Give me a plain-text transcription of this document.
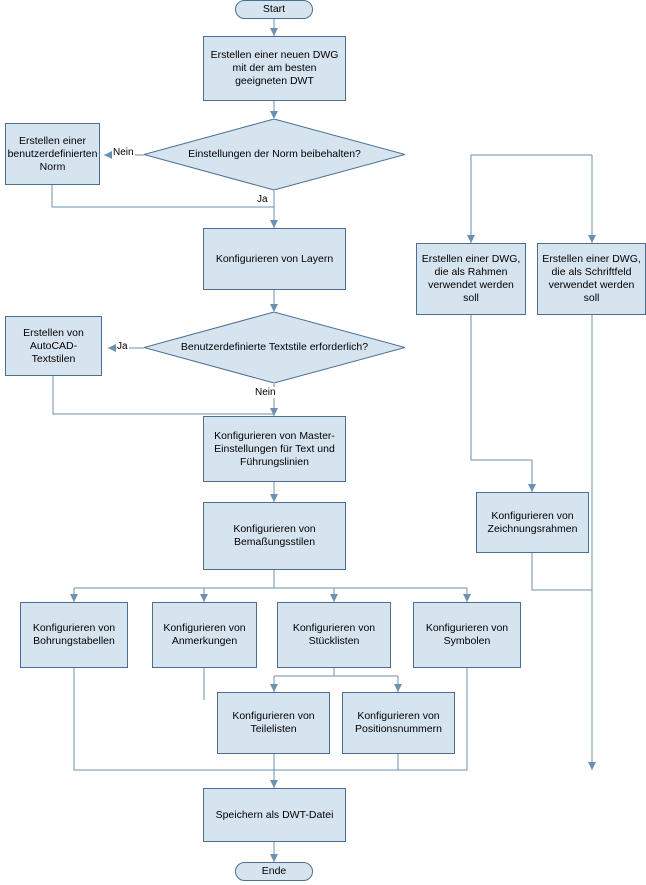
Start
Erstellen einer neuen DWG mit der am besten geeigneten DWT
Einstellungen der Norm beibehalten?
Erstellen einer benutzerdefinierten Norm
Nein
Ja
Konfigurieren von Layern
Benutzerdefinierte Textstile erforderlich?
Erstellen von AutoCAD-Textstilen
Ja
Nein
Konfigurieren von Master-Einstellungen für Text und Führungslinien
Konfigurieren von Bemaßungsstilen
Konfigurieren von Bohrungstabellen
Konfigurieren von Anmerkungen
Konfigurieren von Stücklisten
Konfigurieren von Symbolen
Konfigurieren von Teilelisten
Konfigurieren von Positionsnummern
Speichern als DWT-Datei
Ende
Erstellen einer DWG, die als Rahmen verwendet werden soll
Erstellen einer DWG, die als Schriftfeld verwendet werden soll
Konfigurieren von Zeichnungsrahmen
